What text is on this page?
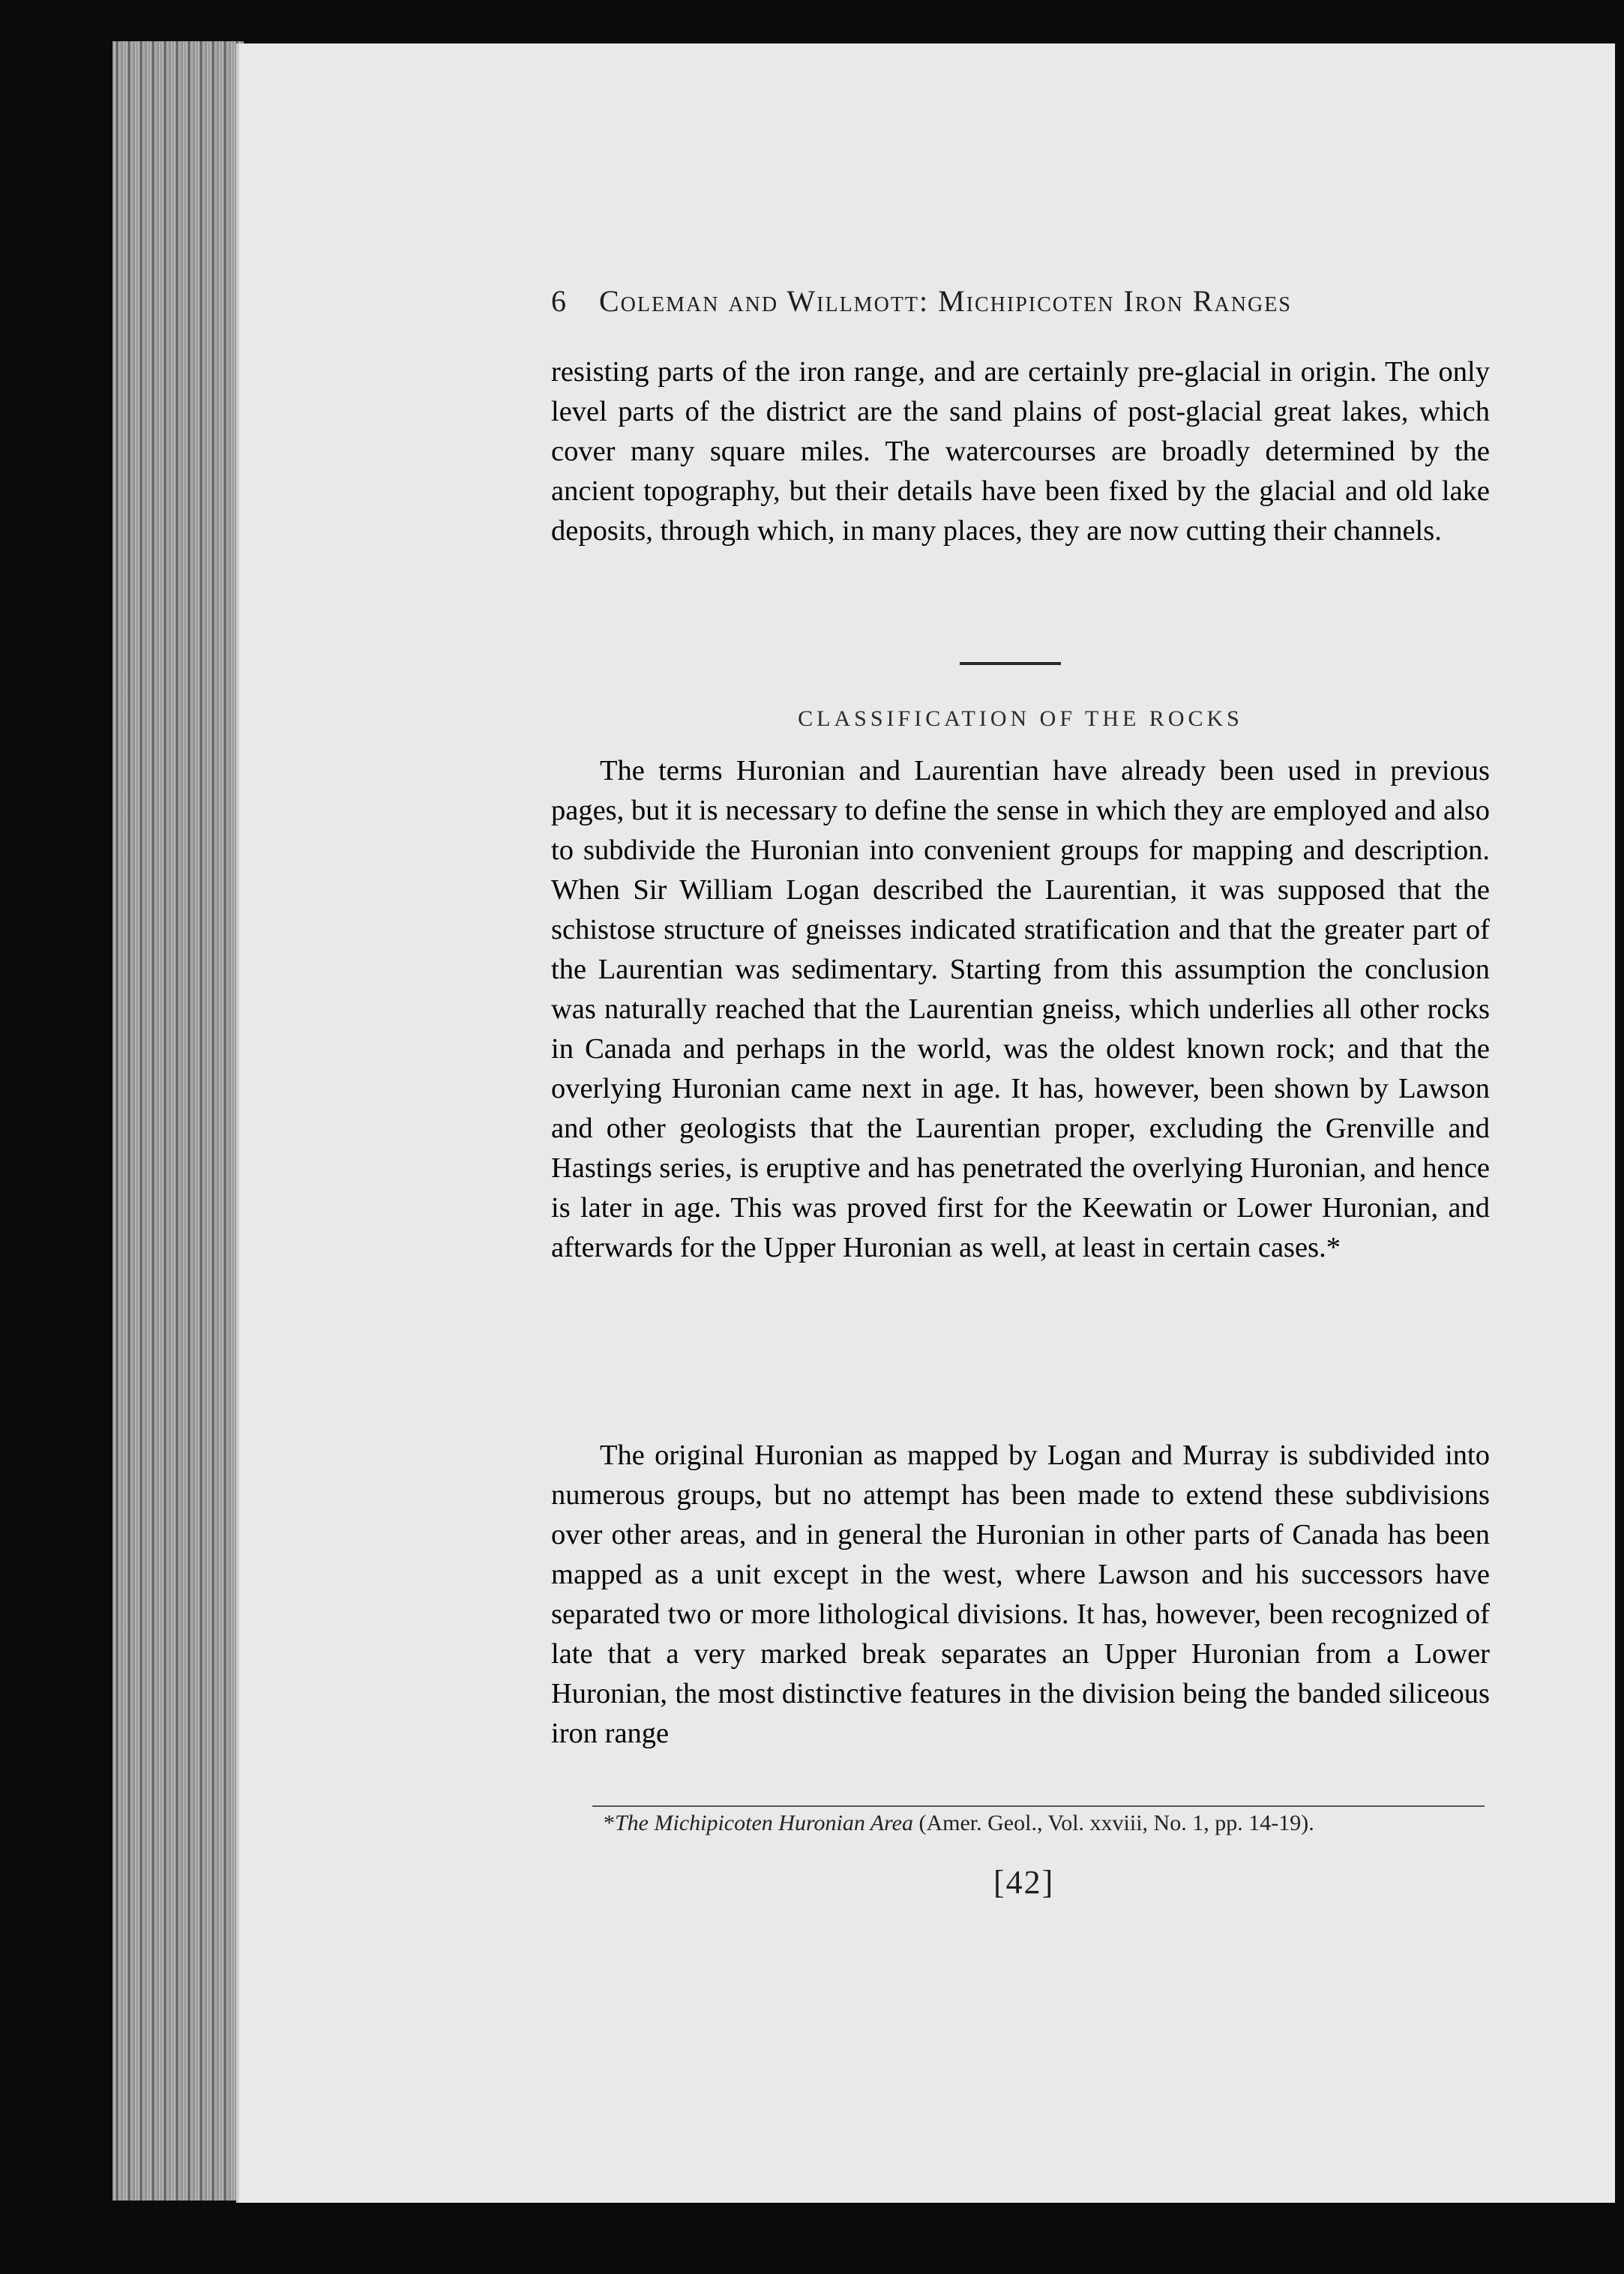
6 Coleman and Willmott: Michipicoten Iron Ranges

resisting parts of the iron range, and are certainly pre-glacial in origin. The only level parts of the district are the sand plains of post-glacial great lakes, which cover many square miles. The watercourses are broadly determined by the ancient topography, but their details have been fixed by the glacial and old lake deposits, through which, in many places, they are now cutting their channels.

CLASSIFICATION OF THE ROCKS

The terms Huronian and Laurentian have already been used in previous pages, but it is necessary to define the sense in which they are employed and also to subdivide the Huronian into convenient groups for mapping and description. When Sir William Logan described the Laurentian, it was supposed that the schistose structure of gneisses indicated stratification and that the greater part of the Laurentian was sedimentary. Starting from this assumption the conclusion was naturally reached that the Laurentian gneiss, which underlies all other rocks in Canada and perhaps in the world, was the oldest known rock; and that the overlying Huronian came next in age. It has, however, been shown by Lawson and other geologists that the Laurentian proper, excluding the Grenville and Hastings series, is eruptive and has penetrated the overlying Huronian, and hence is later in age. This was proved first for the Keewatin or Lower Huronian, and afterwards for the Upper Huronian as well, at least in certain cases.*

The original Huronian as mapped by Logan and Murray is subdivided into numerous groups, but no attempt has been made to extend these subdivisions over other areas, and in general the Huronian in other parts of Canada has been mapped as a unit except in the west, where Lawson and his successors have separated two or more lithological divisions. It has, however, been recognized of late that a very marked break separates an Upper Huronian from a Lower Huronian, the most distinctive features in the division being the banded siliceous iron range

*The Michipicoten Huronian Area (Amer. Geol., Vol. xxviii, No. 1, pp. 14-19).
[42]
